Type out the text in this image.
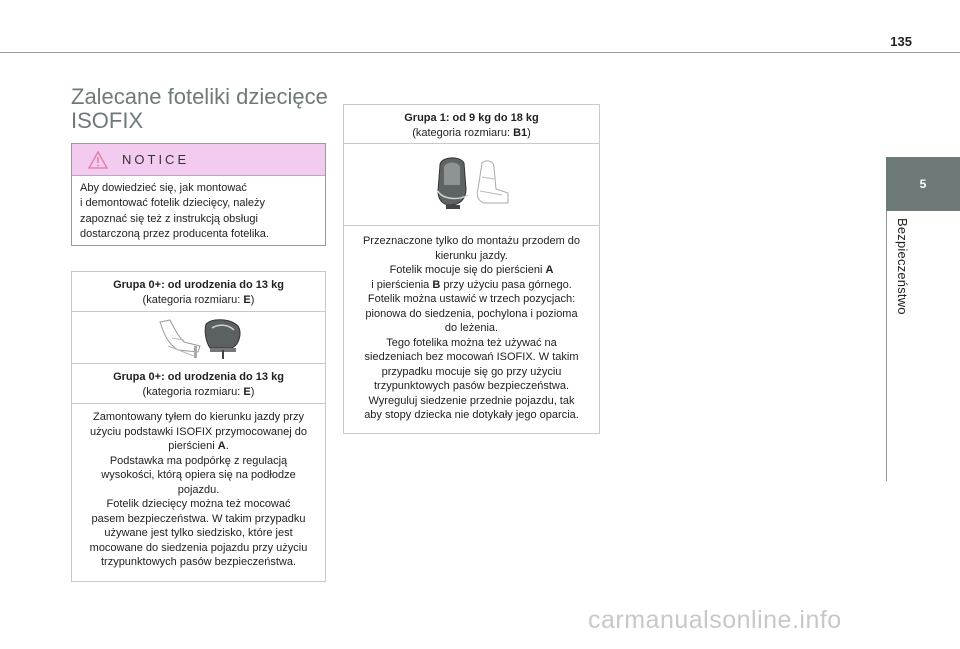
135
5
Bezpieczeństwo
Zalecane foteliki dziecięce
ISOFIX
NOTICE
Aby dowiedzieć się, jak montować
i demontować fotelik dziecięcy, należy
zapoznać się też z instrukcją obsługi
dostarczoną przez producenta fotelika.
Grupa 0+: od urodzenia do 13 kg
(kategoria rozmiaru: E)
Grupa 0+: od urodzenia do 13 kg
(kategoria rozmiaru: E)
Zamontowany tyłem do kierunku jazdy przy
użyciu podstawki ISOFIX przymocowanej do
pierścieni A.
Podstawka ma podpórkę z regulacją
wysokości, którą opiera się na podłodze
pojazdu.
Fotelik dziecięcy można też mocować
pasem bezpieczeństwa. W takim przypadku
używane jest tylko siedzisko, które jest
mocowane do siedzenia pojazdu przy użyciu
trzypunktowych pasów bezpieczeństwa.
Grupa 1: od 9 kg do 18 kg
(kategoria rozmiaru: B1)
Przeznaczone tylko do montażu przodem do
kierunku jazdy.
Fotelik mocuje się do pierścieni A
i pierścienia B przy użyciu pasa górnego.
Fotelik można ustawić w trzech pozycjach:
pionowa do siedzenia, pochylona i pozioma
do leżenia.
Tego fotelika można też używać na
siedzeniach bez mocowań ISOFIX. W takim
przypadku mocuje się go przy użyciu
trzypunktowych pasów bezpieczeństwa.
Wyreguluj siedzenie przednie pojazdu, tak
aby stopy dziecka nie dotykały jego oparcia.
carmanualsonline.info
